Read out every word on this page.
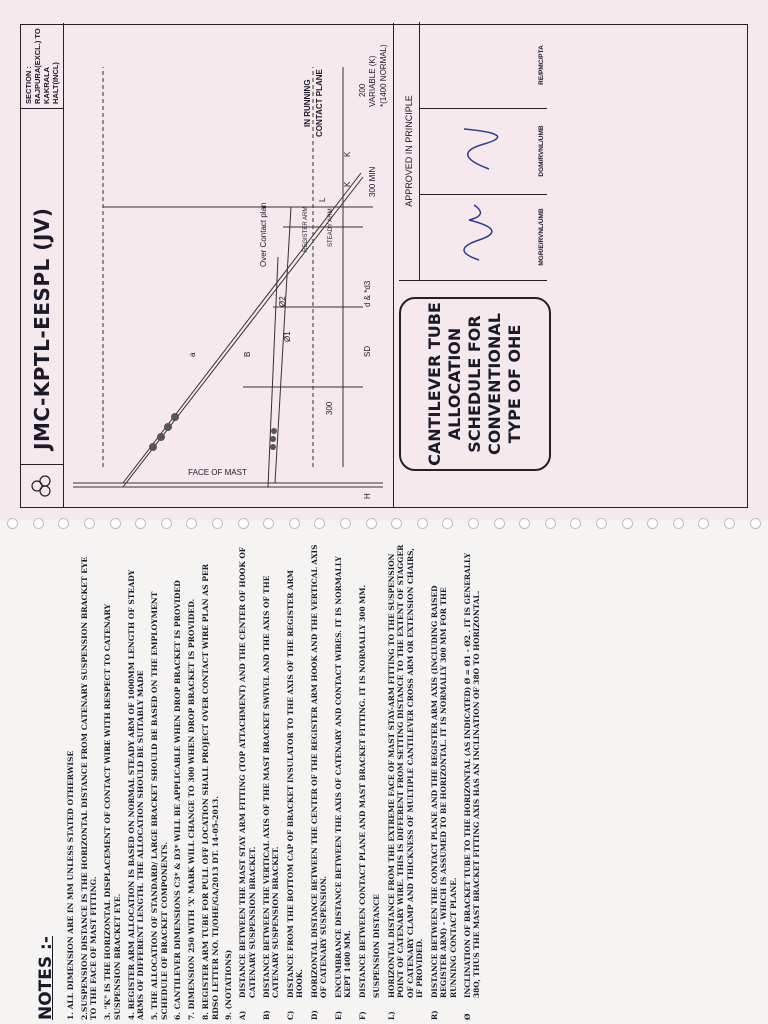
JMC-KPTL-EESPL (JV)
SECTION : RAJPURA(EXCL.) TO KAKRALA HALT(INCL)
FACE OF MAST
H
a	B
300
SD
d & *d3
Ø1
Ø2
Over Contact plan	REGISTER ARM	STEADY ARM
K
K
L
200 VARIABLE (K) *(1400 NORMAL)
IN RUNNING CONTACT PLANE
300 MIN
CANTILEVER TUBE ALLOCATION SCHEDULE FOR CONVENTIONAL TYPE OF OHE
APPROVED IN PRINCIPLE
MGR/E/RVNL/UMB
DGM/RVNL/UMB
RE/PMC/PTA
NOTES :- 1. ALL DIMENSION ARE IN MM UNLESS STATED OTHERWISE 2.SUSPENSION DISTANCE IS THE HORIZONTAL DISTANCE FROM CATENARY SUSPENSION BRACKET EYE TO THE FACE OF MAST FITTING. 3. "K" IS THE HORIZONTAL DISPLACEMENT OF CONTACT WIRE WITH RESPECT TO CATENARY SUSPENSION BRACKET EYE. 4. REGISTER ARM ALLOCATION IS BASED ON NORMAL STEADY ARM OF 1000MM LENGTH OF STEADY ARMS OF DIFFERENT LENGTH. THE ALLOCATION SHOULD BE SUITABLY MADE 5. THE ALLOCATION OF STANDARD/ LARGE BRACKET SHOULD BE BASED ON THE EMPLOYMENT SCHEDULE OF BRACKET COMPONENTS. 6. CANTILEVER DIMENSIONS C3* & D3* WILL BE APPLICABLE WHEN DROP BRACKET IS PROVIDED 7. DIMENSION 250 WITH 'X' MARK WILL CHANGE TO 300 WHEN DROP BRACKET IS PROVIDED. 8. REGISTER ARM TUBE FOR PULL OFF LOCATION SHALL PROJECT OVER CONTACT WIRE PLAN AS PER RDSO LETTER NO. TI/OHE/GA/2013 DT. 14-05-2013. 9. (NOTATIONS) A)
DISTANCE BETWEEN THE MAST STAY ARM FITTING (TOP ATTACHMENT) AND THE CENTER OF HOOK OF CATENARY SUSPENSION BRACKET.
B)
DISTANCE BETWEEN THE VERTICAL AXIS OF THE MAST BRACKET SWIVEL AND THE AXIS OF THE CATENARY SUSPENSION BRACKET.
C)
DISTANCE FROM THE BOTTOM CAP OF BRACKET INSULATOR TO THE AXIS OF THE REGISTER ARM HOOK.
D)
HORIZONTAL DISTANCE BETWEEN THE CENTER OF THE REGISTER ARM HOOK AND THE VERTICAL AXIS OF CATENARY SUSPENSION.
E)
ENCUMBRANCE DISTANCE BETWEEN THE AXIS OF CATENARY AND CONTACT WIRES. IT IS NORMALLY KEPT 1400 MM.
F)
DISTANCE BETWEEN CONTACT PLANE AND MAST BRACKET FITTING. IT IS NORMALLY 300 MM. SUSPENSION DISTANCE
L)
HORIZONTAL DISTANCE FROM THE EXTREME FACE OF MAST STAY-ARM FITTING TO THE SUSPENSION POINT OF CATENARY WIRE. THIS IS DIFFERENT FROM SETTING DISTANCE TO THE EXTENT OF STAGGER OF CATENARY CLAMP AND THICKNESS OF MULTIPLE CANTILEVER CROSS ARM OR EXTENSION CHAIRS, IF PROVIDED.
R)
DISTANCE BETWEEN THE CONTACT PLANE AND THE REGISTER ARM AXIS (INCLUDING RAISED REGISTER ARM) - WHICH IS ASSUMED TO BE HORIZONTAL. IT IS NORMALLY 300 MM FOR THE RUNNING CONTACT PLANE.
Ø
INCLINATION OF BRACKET TUBE TO THE HORIZONTAL (AS INDICATED) Ø = Ø1 - Ø2 . IT IS GENERALLY 38O, THUS THE MAST BRACKET FITTING AXIS HAS AN INCLINATION OF 38O TO HORIZONTAL.
